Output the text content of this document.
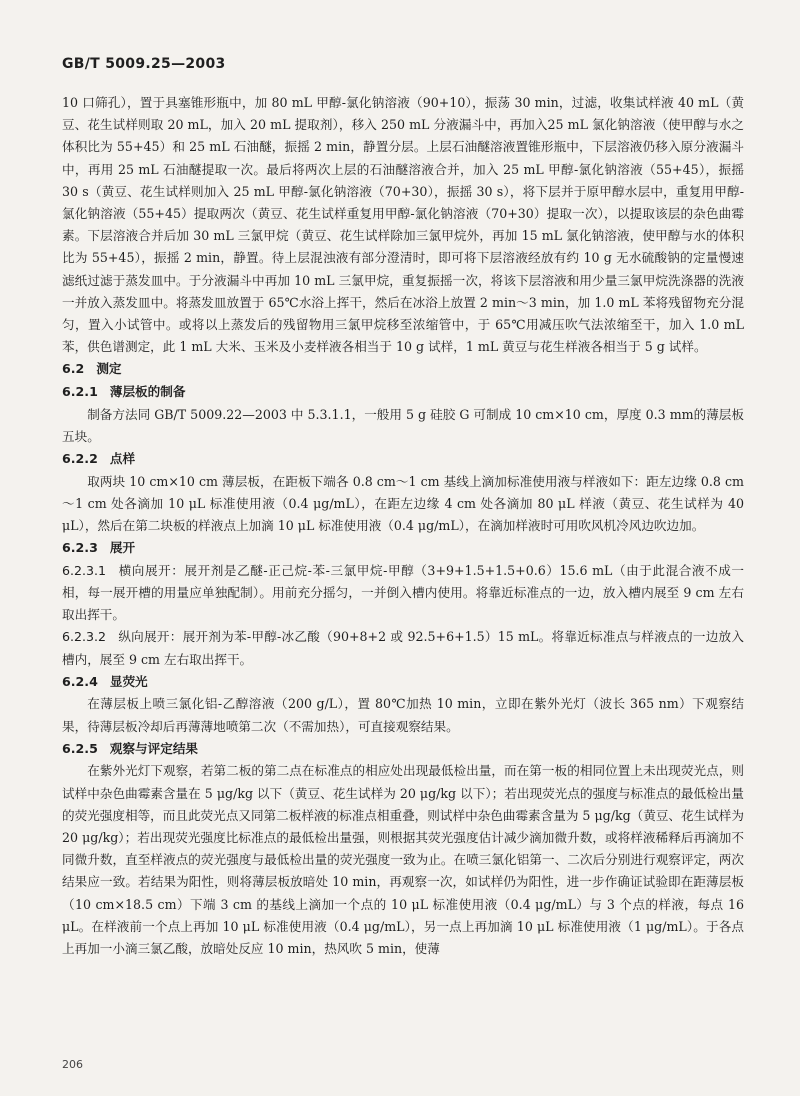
GB/T 5009.25—2003

10 口筛孔），置于具塞锥形瓶中，加 80 mL 甲醇-氯化钠溶液（90+10），振荡 30 min，过滤，收集试样液 40 mL（黄豆、花生试样则取 20 mL，加入 20 mL 提取剂），移入 250 mL 分液漏斗中，再加入25 mL 氯化钠溶液（使甲醇与水之体积比为 55+45）和 25 mL 石油醚，振摇 2 min，静置分层。上层石油醚溶液置锥形瓶中，下层溶液仍移入原分液漏斗中，再用 25 mL 石油醚提取一次。最后将两次上层的石油醚溶液合并，加入 25 mL 甲醇-氯化钠溶液（55+45），振摇30 s（黄豆、花生试样则加入 25 mL 甲醇-氯化钠溶液（70+30），振摇 30 s），将下层并于原甲醇水层中，重复用甲醇-氯化钠溶液（55+45）提取两次（黄豆、花生试样重复用甲醇-氯化钠溶液（70+30）提取一次），以提取该层的杂色曲霉素。下层溶液合并后加 30 mL 三氯甲烷（黄豆、花生试样除加三氯甲烷外，再加 15 mL 氯化钠溶液，使甲醇与水的体积比为 55+45），振摇 2 min，静置。待上层混浊液有部分澄清时，即可将下层溶液经放有约 10 g 无水硫酸钠的定量慢速滤纸过滤于蒸发皿中。于分液漏斗中再加 10 mL 三氯甲烷，重复振摇一次，将该下层溶液和用少量三氯甲烷洗涤器的洗液一并放入蒸发皿中。将蒸发皿放置于 65℃水浴上挥干，然后在冰浴上放置 2 min～3 min，加 1.0 mL 苯将残留物充分混匀，置入小试管中。或将以上蒸发后的残留物用三氯甲烷移至浓缩管中，于 65℃用减压吹气法浓缩至干，加入 1.0 mL 苯，供色谱测定，此 1 mL 大米、玉米及小麦样液各相当于 10 g 试样，1 mL 黄豆与花生样液各相当于 5 g 试样。

6.2 测定

6.2.1 薄层板的制备

制备方法同 GB/T 5009.22—2003 中 5.3.1.1，一般用 5 g 硅胶 G 可制成 10 cm×10 cm，厚度 0.3 mm的薄层板五块。

6.2.2 点样

取两块 10 cm×10 cm 薄层板，在距板下端各 0.8 cm～1 cm 基线上滴加标准使用液与样液如下：距左边缘 0.8 cm～1 cm 处各滴加 10 μL 标准使用液（0.4 μg/mL），在距左边缘 4 cm 处各滴加 80 μL 样液（黄豆、花生试样为 40 μL），然后在第二块板的样液点上加滴 10 μL 标准使用液（0.4 μg/mL），在滴加样液时可用吹风机冷风边吹边加。

6.2.3 展开

6.2.3.1 横向展开：展开剂是乙醚-正己烷-苯-三氯甲烷-甲醇（3+9+1.5+1.5+0.6）15.6 mL（由于此混合液不成一相，每一展开槽的用量应单独配制）。用前充分摇匀，一并倒入槽内使用。将靠近标准点的一边，放入槽内展至 9 cm 左右取出挥干。

6.2.3.2 纵向展开：展开剂为苯-甲醇-冰乙酸（90+8+2 或 92.5+6+1.5）15 mL。将靠近标准点与样液点的一边放入槽内，展至 9 cm 左右取出挥干。

6.2.4 显荧光

在薄层板上喷三氯化铝-乙醇溶液（200 g/L），置 80℃加热 10 min，立即在紫外光灯（波长 365 nm）下观察结果，待薄层板冷却后再薄薄地喷第二次（不需加热），可直接观察结果。

6.2.5 观察与评定结果

在紫外光灯下观察，若第二板的第二点在标准点的相应处出现最低检出量，而在第一板的相同位置上未出现荧光点，则试样中杂色曲霉素含量在 5 μg/kg 以下（黄豆、花生试样为 20 μg/kg 以下）；若出现荧光点的强度与标准点的最低检出量的荧光强度相等，而且此荧光点又同第二板样液的标准点相重叠，则试样中杂色曲霉素含量为 5 μg/kg（黄豆、花生试样为 20 μg/kg）；若出现荧光强度比标准点的最低检出量强，则根据其荧光强度估计减少滴加微升数，或将样液稀释后再滴加不同微升数，直至样液点的荧光强度与最低检出量的荧光强度一致为止。在喷三氯化铝第一、二次后分别进行观察评定，两次结果应一致。若结果为阳性，则将薄层板放暗处 10 min，再观察一次，如试样仍为阳性，进一步作确证试验即在距薄层板（10 cm×18.5 cm）下端 3 cm 的基线上滴加一个点的 10 μL 标准使用液（0.4 μg/mL）与 3 个点的样液，每点 16 μL。在样液前一个点上再加 10 μL 标准使用液（0.4 μg/mL），另一点上再加滴 10 μL 标准使用液（1 μg/mL）。于各点上再加一小滴三氯乙酸，放暗处反应 10 min，热风吹 5 min，使薄

206
